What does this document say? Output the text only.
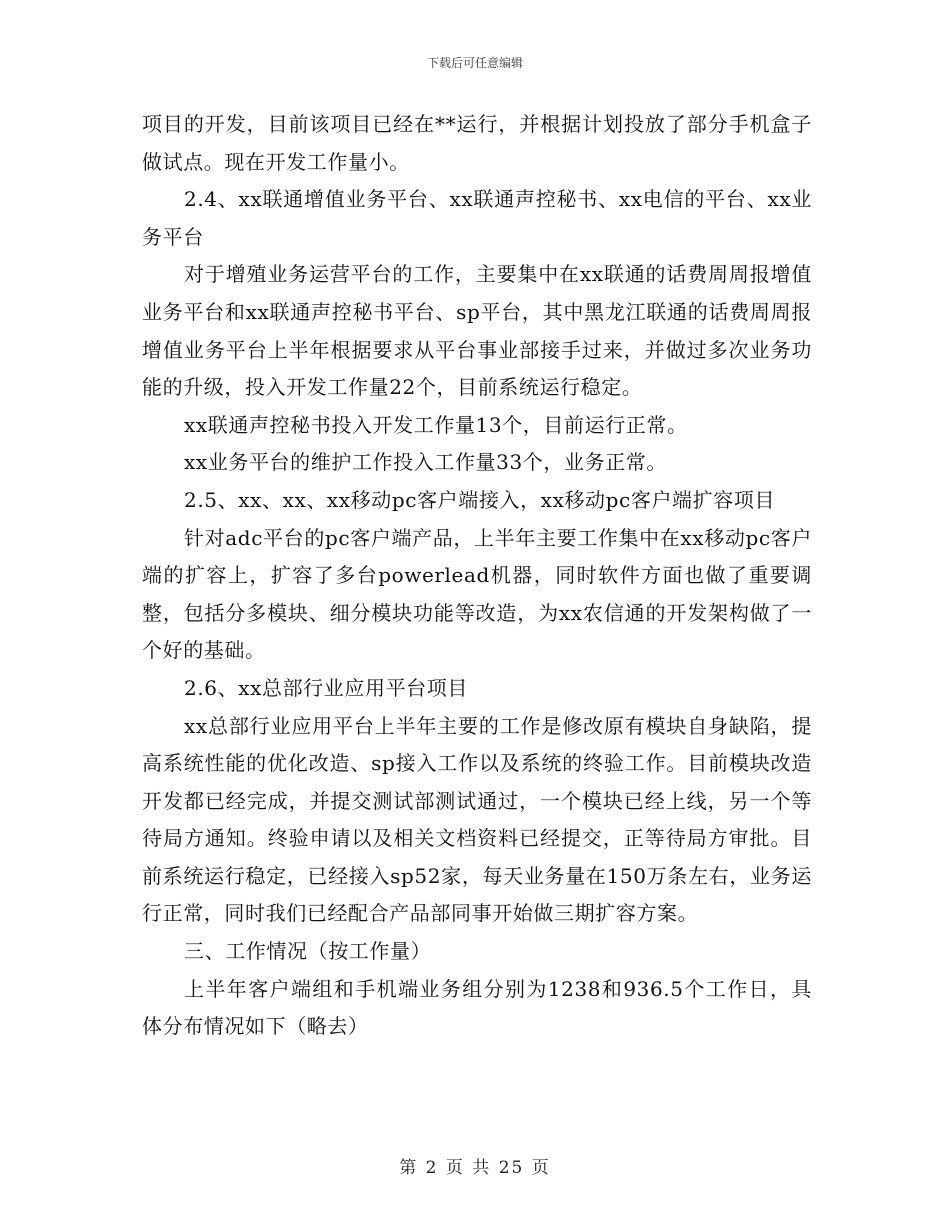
下载后可任意编辑

项目的开发，目前该项目已经在**运行，并根据计划投放了部分手机盒子做试点。现在开发工作量小。

2.4、xx联通增值业务平台、xx联通声控秘书、xx电信的平台、xx业务平台

对于增殖业务运营平台的工作，主要集中在xx联通的话费周周报增值业务平台和xx联通声控秘书平台、sp平台，其中黑龙江联通的话费周周报增值业务平台上半年根据要求从平台事业部接手过来，并做过多次业务功能的升级，投入开发工作量22个，目前系统运行稳定。

xx联通声控秘书投入开发工作量13个，目前运行正常。

xx业务平台的维护工作投入工作量33个，业务正常。

2.5、xx、xx、xx移动pc客户端接入，xx移动pc客户端扩容项目

针对adc平台的pc客户端产品，上半年主要工作集中在xx移动pc客户端的扩容上，扩容了多台powerlead机器，同时软件方面也做了重要调整，包括分多模块、细分模块功能等改造，为xx农信通的开发架构做了一个好的基础。

2.6、xx总部行业应用平台项目

xx总部行业应用平台上半年主要的工作是修改原有模块自身缺陷，提高系统性能的优化改造、sp接入工作以及系统的终验工作。目前模块改造开发都已经完成，并提交测试部测试通过，一个模块已经上线，另一个等待局方通知。终验申请以及相关文档资料已经提交，正等待局方审批。目前系统运行稳定，已经接入sp52家，每天业务量在150万条左右，业务运行正常，同时我们已经配合产品部同事开始做三期扩容方案。

三、工作情况（按工作量）

上半年客户端组和手机端业务组分别为1238和936.5个工作日，具体分布情况如下（略去）

第 2 页 共 25 页
